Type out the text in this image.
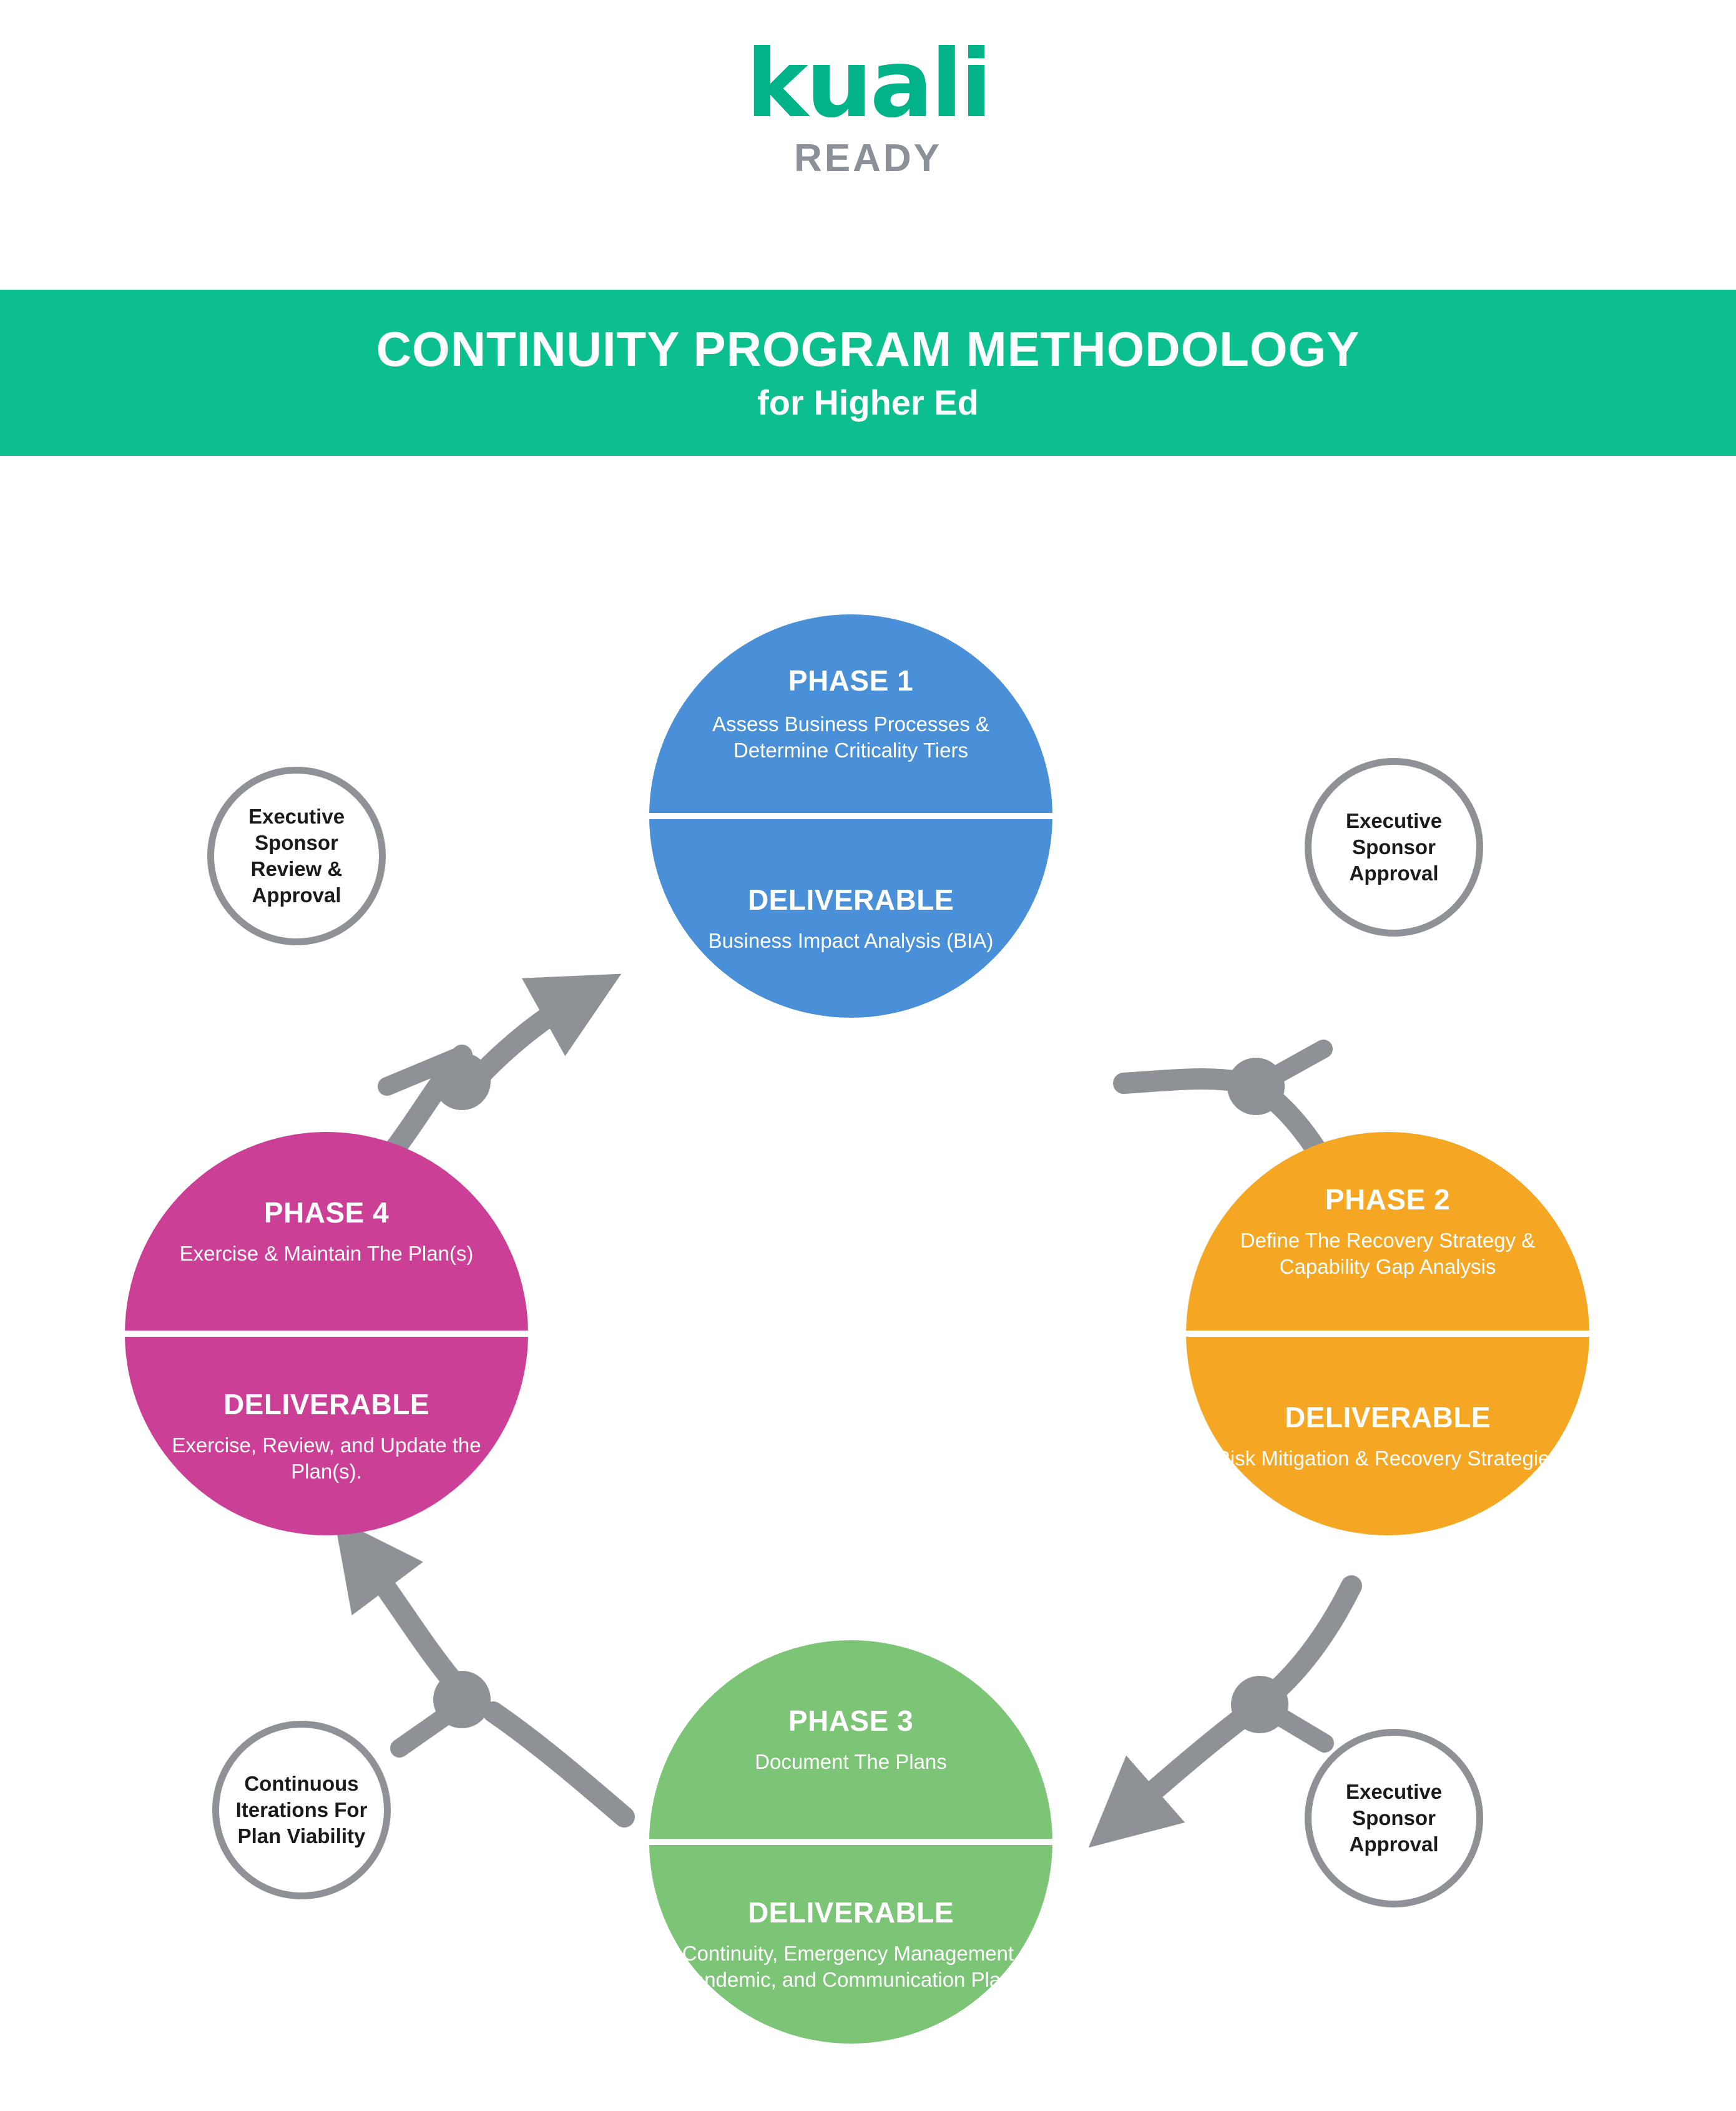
kuali
READY
CONTINUITY PROGRAM METHODOLOGY
for Higher Ed
PHASE 1
Assess Business Processes & Determine Criticality Tiers
DELIVERABLE
Business Impact Analysis (BIA)
PHASE 2
Define The Recovery Strategy & Capability Gap Analysis
DELIVERABLE
Risk Mitigation & Recovery Strategies
PHASE 3
Document The Plans
DELIVERABLE
Continuity, Emergency Management, Pandemic, and Communication Plans
PHASE 4
Exercise & Maintain The Plan(s)
DELIVERABLE
Exercise, Review, and Update the Plan(s).
Executive Sponsor Review & Approval
Executive Sponsor Approval
Executive Sponsor Approval
Continuous Iterations For Plan Viability
